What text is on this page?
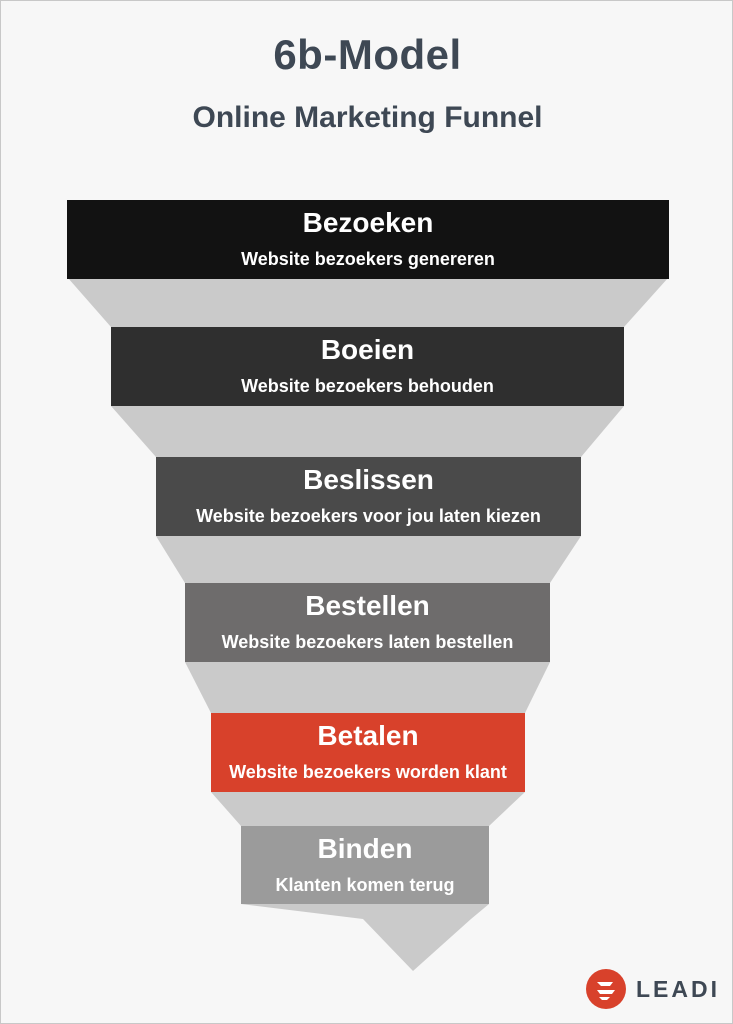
6b-Model
Online Marketing Funnel
Bezoeken
Website bezoekers genereren
Boeien
Website bezoekers behouden
Beslissen
Website bezoekers voor jou laten kiezen
Bestellen
Website bezoekers laten bestellen
Betalen
Website bezoekers worden klant
Binden
Klanten komen terug
LEADI
